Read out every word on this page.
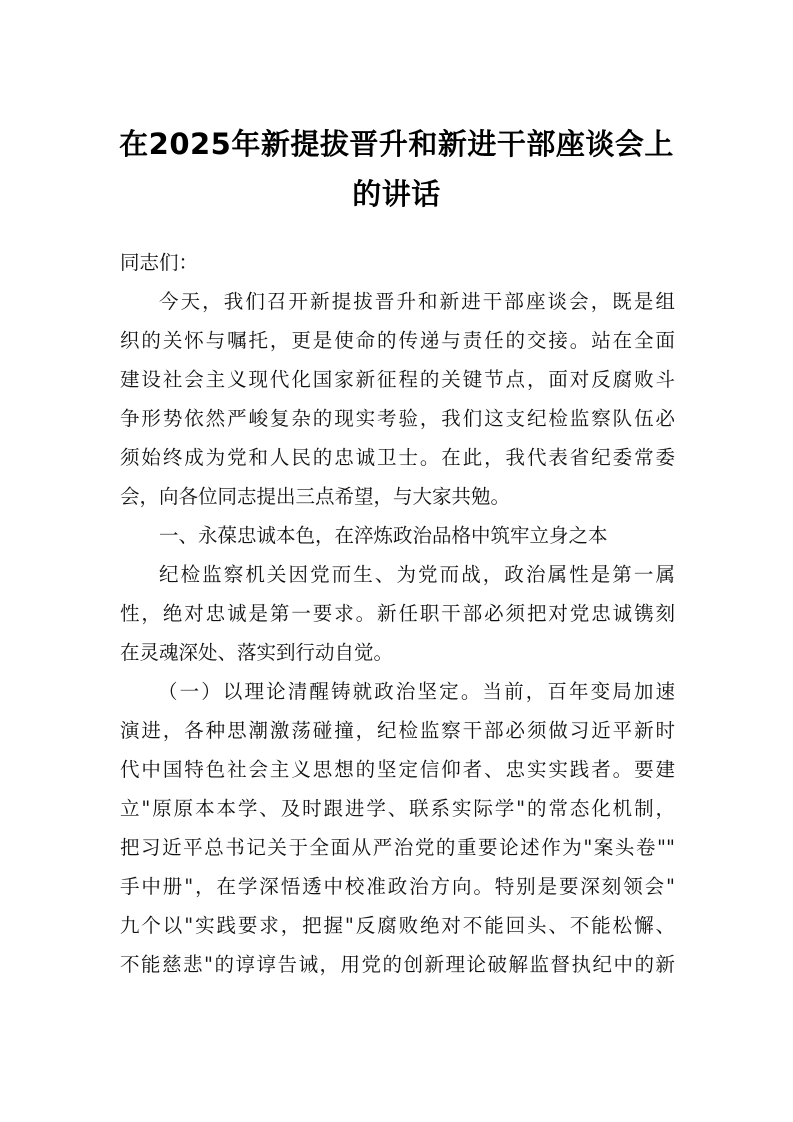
在2025年新提拔晋升和新进干部座谈会上
的讲话
同志们：
今天，我们召开新提拔晋升和新进干部座谈会，既是组
织的关怀与嘱托，更是使命的传递与责任的交接。站在全面
建设社会主义现代化国家新征程的关键节点，面对反腐败斗
争形势依然严峻复杂的现实考验，我们这支纪检监察队伍必
须始终成为党和人民的忠诚卫士。在此，我代表省纪委常委
会，向各位同志提出三点希望，与大家共勉。
一、永葆忠诚本色，在淬炼政治品格中筑牢立身之本
纪检监察机关因党而生、为党而战，政治属性是第一属
性，绝对忠诚是第一要求。新任职干部必须把对党忠诚镌刻
在灵魂深处、落实到行动自觉。
（一）以理论清醒铸就政治坚定。当前，百年变局加速
演进，各种思潮激荡碰撞，纪检监察干部必须做习近平新时
代中国特色社会主义思想的坚定信仰者、忠实实践者。要建
立"原原本本学、及时跟进学、联系实际学"的常态化机制，
把习近平总书记关于全面从严治党的重要论述作为"案头卷""
手中册"，在学深悟透中校准政治方向。特别是要深刻领会"
九个以"实践要求，把握"反腐败绝对不能回头、不能松懈、
不能慈悲"的谆谆告诫，用党的创新理论破解监督执纪中的新
